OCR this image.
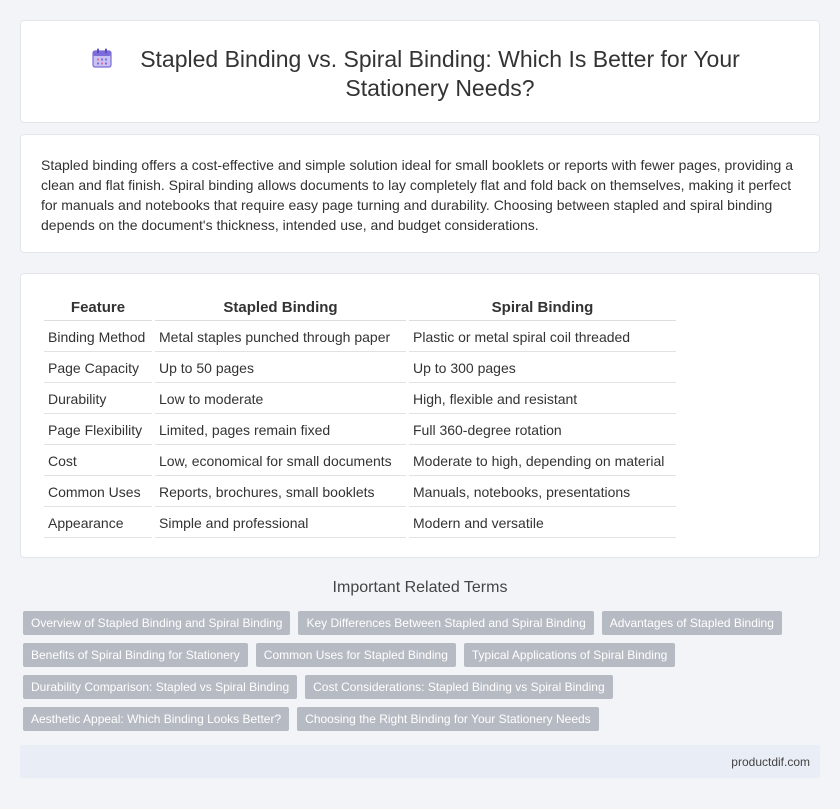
Stapled Binding vs. Spiral Binding: Which Is Better for Your Stationery Needs?

Stapled binding offers a cost-effective and simple solution ideal for small booklets or reports with fewer pages, providing a clean and flat finish. Spiral binding allows documents to lay completely flat and fold back on themselves, making it perfect for manuals and notebooks that require easy page turning and durability. Choosing between stapled and spiral binding depends on the document's thickness, intended use, and budget considerations.

Feature	Stapled Binding	Spiral Binding
Binding Method	Metal staples punched through paper	Plastic or metal spiral coil threaded
Page Capacity	Up to 50 pages	Up to 300 pages
Durability	Low to moderate	High, flexible and resistant
Page Flexibility	Limited, pages remain fixed	Full 360-degree rotation
Cost	Low, economical for small documents	Moderate to high, depending on material
Common Uses	Reports, brochures, small booklets	Manuals, notebooks, presentations
Appearance	Simple and professional	Modern and versatile
Important Related Terms
Overview of Stapled Binding and Spiral Binding	Key Differences Between Stapled and Spiral Binding	Advantages of Stapled Binding
Benefits of Spiral Binding for Stationery	Common Uses for Stapled Binding	Typical Applications of Spiral Binding
Durability Comparison: Stapled vs Spiral Binding	Cost Considerations: Stapled Binding vs Spiral Binding
Aesthetic Appeal: Which Binding Looks Better?	Choosing the Right Binding for Your Stationery Needs
productdif.com
